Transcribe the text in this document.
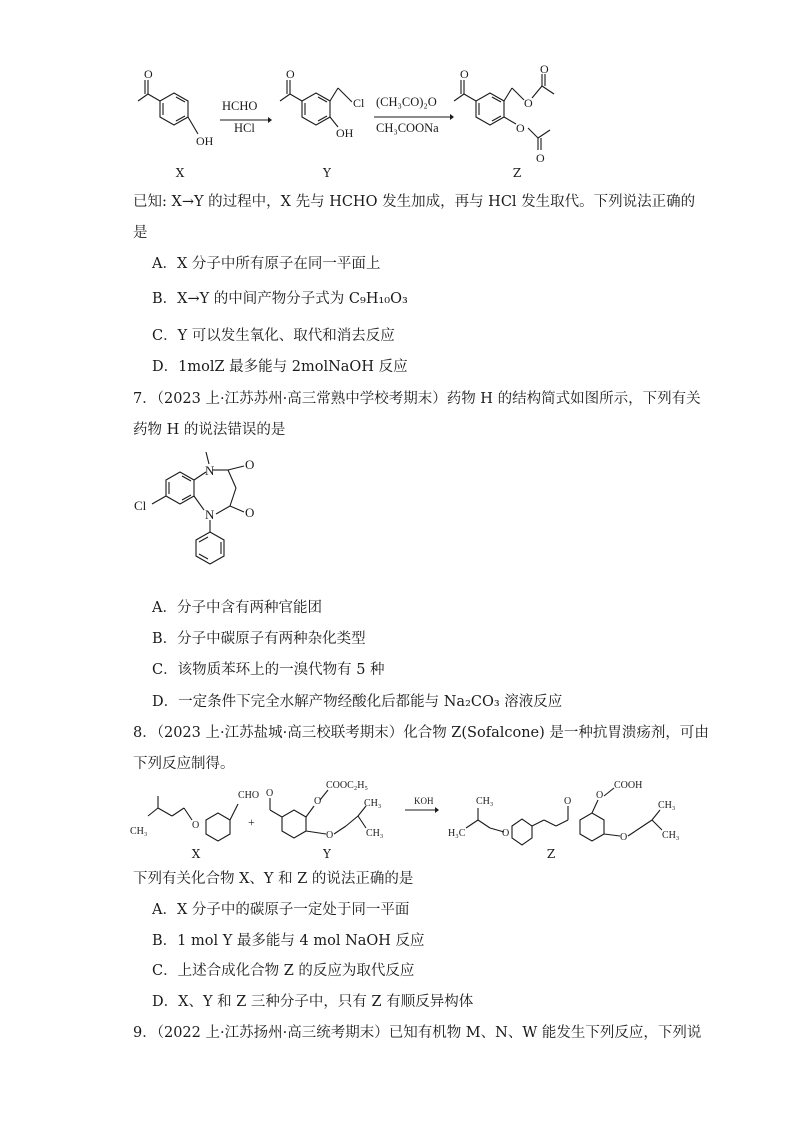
O
OH
X
HCHO
HCl
O
Cl
OH
Y
(CH₃CO)₂O
CH₃COONa
O
O
O
O
O
Z
已知: X→Y 的过程中，X 先与 HCHO 发生加成，再与 HCl 发生取代。下列说法正确的
是
A．X 分子中所有原子在同一平面上
B．X→Y 的中间产物分子式为 C₉H₁₀O₃
C．Y 可以发生氧化、取代和消去反应
D．1molZ 最多能与 2molNaOH 反应
7．（2023 上·江苏苏州·高三常熟中学校考期末）药物 H 的结构简式如图所示，下列有关
药物 H 的说法错误的是
N O
N O
Cl
A．分子中含有两种官能团
B．分子中碳原子有两种杂化类型
C．该物质苯环上的一溴代物有 5 种
D．一定条件下完全水解产物经酸化后都能与 Na₂CO₃ 溶液反应
8．（2023 上·江苏盐城·高三校联考期末）化合物 Z(Sofalcone) 是一种抗胃溃疡剂，可由
下列反应制得。
CH₃
O
CHO
+
O
O
COOC₂H₅
O
CH₃
CH₃
KOH
H₃C
CH₃
O
O
O
COOH
O
CH₃
CH₃
X	Y	Z
下列有关化合物 X、Y 和 Z 的说法正确的是
A．X 分子中的碳原子一定处于同一平面
B．1 mol Y 最多能与 4 mol NaOH 反应
C．上述合成化合物 Z 的反应为取代反应
D．X、Y 和 Z 三种分子中，只有 Z 有顺反异构体
9．（2022 上·江苏扬州·高三统考期末）已知有机物 M、N、W 能发生下列反应，下列说
